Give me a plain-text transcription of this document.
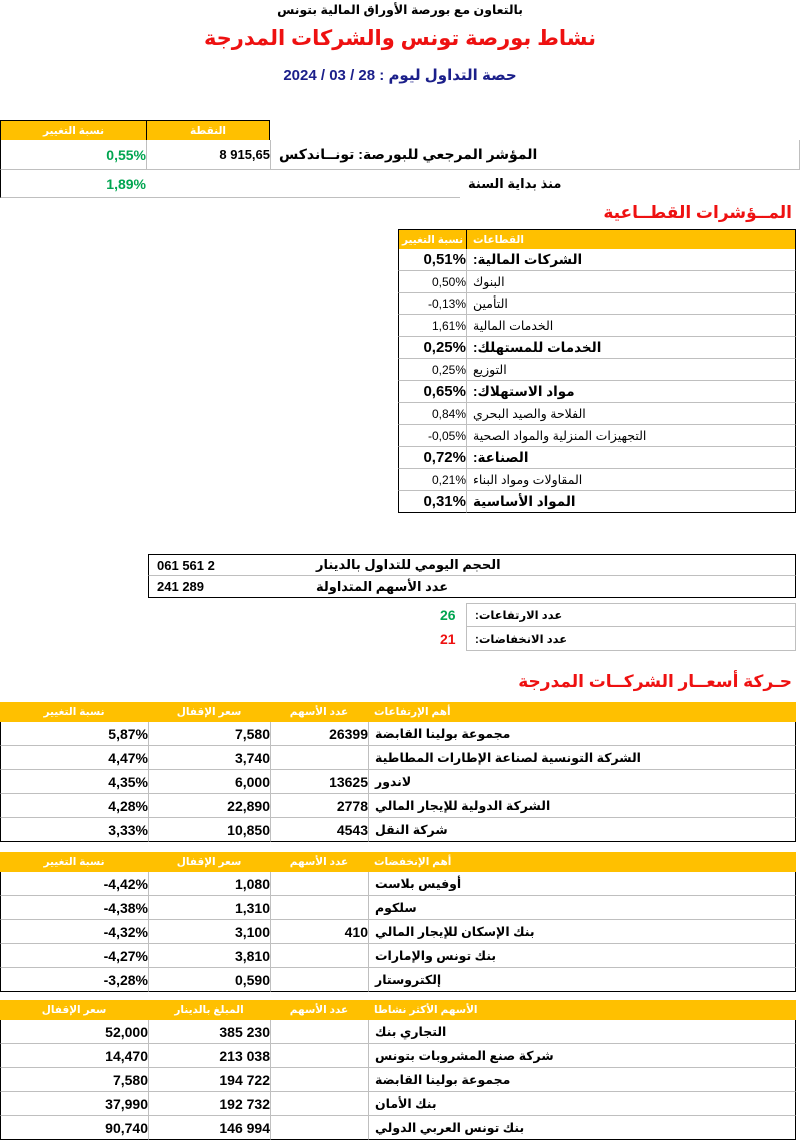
بالتعاون مع بورصة الأوراق المالية بتونس
نشاط بورصة تونس والشركات المدرجة
حصة التداول ليوم : 28 / 03 / 2024
نسبة التغيير	النقطة
0,55%	8 915,65 المؤشر المرجعي للبورصة: تونــاندكس
1,89%	منذ بداية السنة
المــؤشرات القطــاعية
نسبة التغيير القطاعات
0,51% الشركات المالية:
0,50% البنوك
-0,13% التأمين
1,61% الخدمات المالية
0,25% الخدمات للمستهلك:
0,25% التوزيع
0,65% مواد الاستهلاك:
0,84% الفلاحة والصيد البحري
-0,05% التجهيزات المنزلية والمواد الصحية
0,72% الصناعة:
0,21% المقاولات ومواد البناء
0,31% المواد الأساسية
2 561 061	الحجم اليومي للتداول بالدينار
289 241	عدد الأسهم المتداولة
26	عدد الارتفاعات:
21	عدد الانخفاضات:
حـركة أسعــار الشركــات المدرجة
نسبة التغيير	سعر الإقفال	عدد الأسهم	أهم الإرتفاعات
5,87%	7,580	26399 مجموعة بولينا القابضة
4,47%	3,740	الشركة التونسية لصناعة الإطارات المطاطية
4,35%	6,000	13625 لاندور
4,28%	22,890	2778 الشركة الدولية للإيجار المالي
3,33%	10,850	4543 شركة النقل
نسبة التغيير	سعر الإقفال	عدد الأسهم	أهم الإنخفضات
-4,42%	1,080	أوفيس بلاست
-4,38%	1,310	سلكوم
-4,32%	3,100	410 بنك الإسكان للإيجار المالي
-4,27%	3,810	بنك تونس والإمارات
-3,28%	0,590	إلكتروستار
سعر الإقفال	المبلغ بالدينار	عدد الأسهم	الأسهم الأكثر نشاطا
52,000	385 230	التجاري بنك
14,470	213 038	شركة صنع المشروبات بتونس
7,580	194 722	مجموعة بولينا القابضة
37,990	192 732	بنك الأمان
90,740	146 994	بنك تونس العربي الدولي
